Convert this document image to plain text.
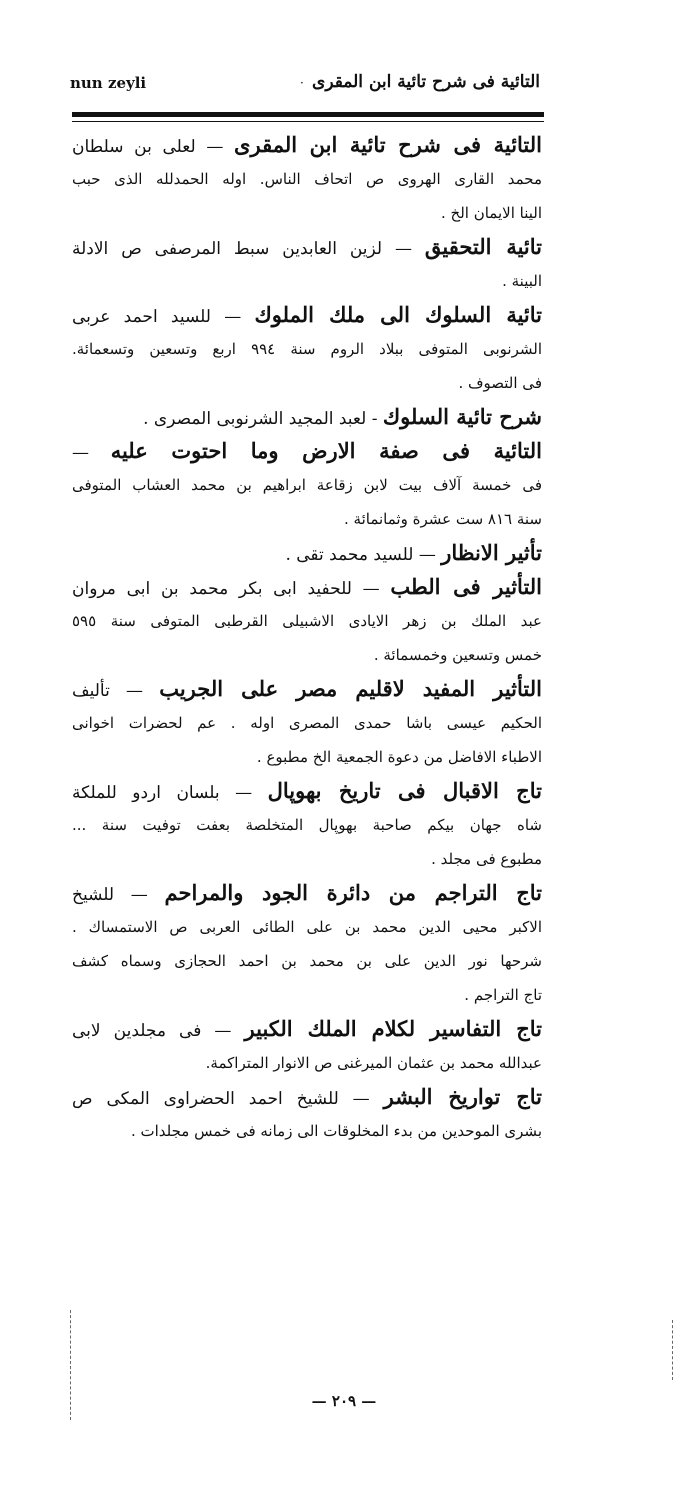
nun zeyli	· التائية فى شرح تائية ابن المقرى
التائية فى شرح تائية ابن المقرى — لعلى بن سلطان
محمد القارى الهروى ص اتحاف الناس. اوله الحمدلله الذى حبب
الينا الايمان الخ .
تائية التحقيق — لزين العابدين سبط المرصفى ص الادلة
البينة .
تائية السلوك الى ملك الملوك — للسيد احمد عربى
الشرنوبى المتوفى ببلاد الروم سنة ٩٩٤ اربع وتسعين وتسعمائة.
فى التصوف .
شرح تائية السلوك - لعبد المجيد الشرنوبى المصرى .
التائية فى صفة الارض وما احتوت عليه —
فى خمسة آلاف بيت لابن زقاعة ابراهيم بن محمد العشاب المتوفى
سنة ٨١٦ ست عشرة وثمانمائة .
تأثير الانظار — للسيد محمد تقى .
التأثير فى الطب — للحفيد ابى بكر محمد بن ابى مروان
عبد الملك بن زهر الايادى الاشبيلى القرطبى المتوفى سنة ٥٩٥
خمس وتسعين وخمسمائة .
التأثير المفيد لاقليم مصر على الجريب — تأليف
الحكيم عيسى باشا حمدى المصرى اوله . عم لحضرات اخوانى
الاطباء الافاضل من دعوة الجمعية الخ مطبوع .
تاج الاقبال فى تاريخ بهوپال — بلسان اردو للملكة
شاه جهان بيكم صاحبة بهوپال المتخلصة بعفت توفيت سنة ...
مطبوع فى مجلد .
تاج التراجم من دائرة الجود والمراحم — للشيخ
الاكبر محيى الدين محمد بن على الطائى العربى ص الاستمساك .
شرحها نور الدين على بن محمد بن احمد الحجازى وسماه كشف
تاج التراجم .
تاج التفاسير لكلام الملك الكبير — فى مجلدين لابى
عبدالله محمد بن عثمان الميرغنى ص الانوار المتراكمة.
تاج تواريخ البشر — للشيخ احمد الحضراوى المكى ص
بشرى الموحدين من بدء المخلوقات الى زمانه فى خمس مجلدات .
— ٢٠٩ —
